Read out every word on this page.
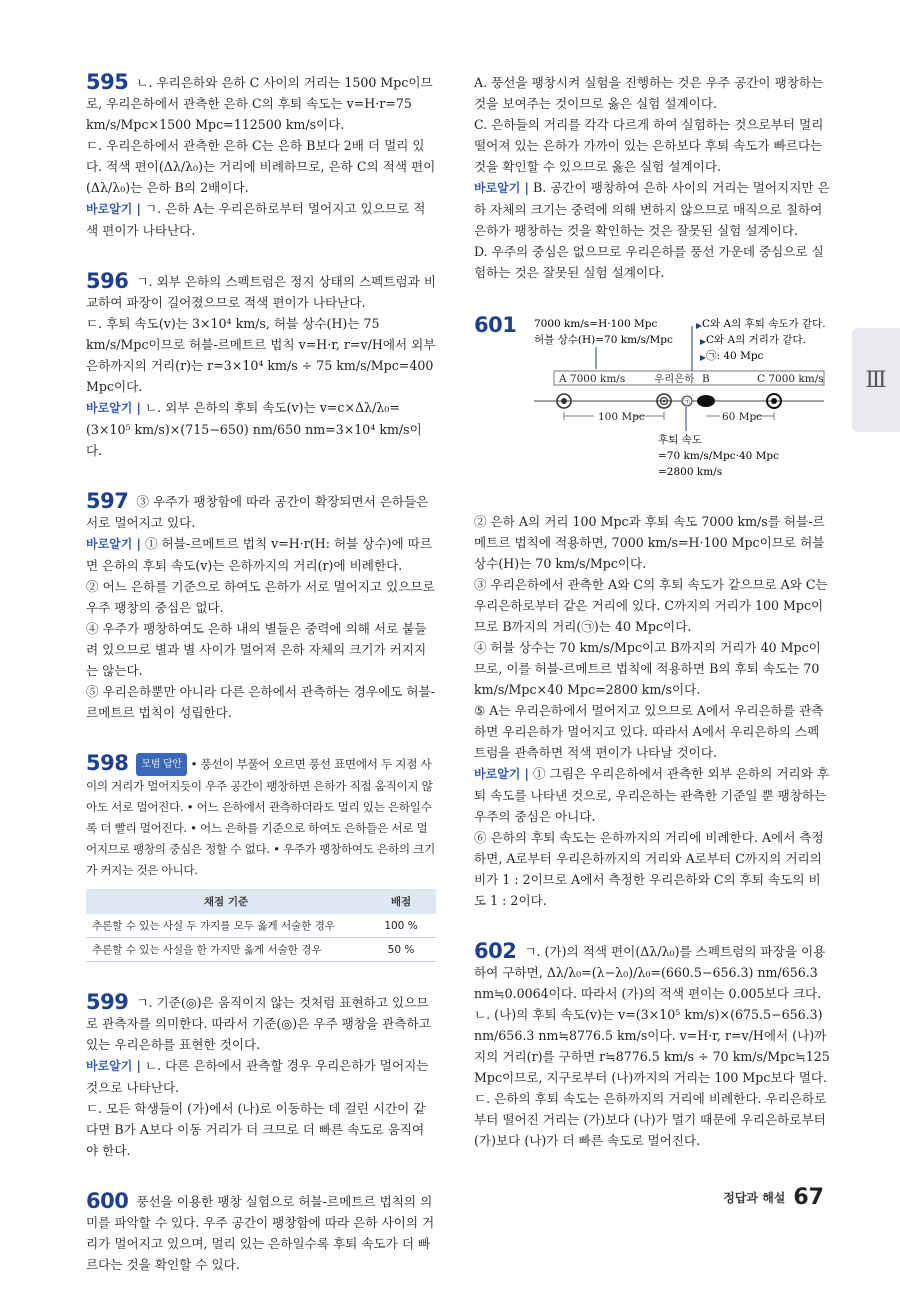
595 ㄴ. 우리은하와 은하 C 사이의 거리는 1500 Mpc이므로, 우리은하에서 관측한 은하 C의 후퇴 속도는 v=H·r=75 km/s/Mpc×1500 Mpc=112500 km/s이다.

ㄷ. 우리은하에서 관측한 은하 C는 은하 B보다 2배 더 멀리 있다. 적색 편이(Δλ/λ₀)는 거리에 비례하므로, 은하 C의 적색 편이(Δλ/λ₀)는 은하 B의 2배이다.

바로알기 | ㄱ. 은하 A는 우리은하로부터 멀어지고 있으므로 적색 편이가 나타난다.

596 ㄱ. 외부 은하의 스펙트럼은 정지 상태의 스펙트럼과 비교하여 파장이 길어졌으므로 적색 편이가 나타난다.

ㄷ. 후퇴 속도(v)는 3×10⁴ km/s, 허블 상수(H)는 75 km/s/Mpc이므로 허블-르메트르 법칙 v=H·r, r=v/H에서 외부 은하까지의 거리(r)는 r=3×10⁴ km/s ÷ 75 km/s/Mpc=400 Mpc이다.

바로알기 | ㄴ. 외부 은하의 후퇴 속도(v)는 v=c×Δλ/λ₀=(3×10⁵ km/s)×(715−650) nm/650 nm=3×10⁴ km/s이다.

597 ③ 우주가 팽창함에 따라 공간이 확장되면서 은하들은 서로 멀어지고 있다.

바로알기 | ① 허블-르메트르 법칙 v=H·r(H: 허블 상수)에 따르면 은하의 후퇴 속도(v)는 은하까지의 거리(r)에 비례한다.

② 어느 은하를 기준으로 하여도 은하가 서로 멀어지고 있으므로 우주 팽창의 중심은 없다.

④ 우주가 팽창하여도 은하 내의 별들은 중력에 의해 서로 붙들려 있으므로 별과 별 사이가 멀어져 은하 자체의 크기가 커지지는 않는다.

⑤ 우리은하뿐만 아니라 다른 은하에서 관측하는 경우에도 허블-르메트르 법칙이 성립한다.

598 모범 답안 • 풍선이 부풀어 오르면 풍선 표면에서 두 지점 사이의 거리가 멀어지듯이 우주 공간이 팽창하면 은하가 직접 움직이지 않아도 서로 멀어진다. • 어느 은하에서 관측하더라도 멀리 있는 은하일수록 더 빨리 멀어진다. • 어느 은하를 기준으로 하여도 은하들은 서로 멀어지므로 팽창의 중심은 정할 수 없다. • 우주가 팽창하여도 은하의 크기가 커지는 것은 아니다.

채점 기준	배점
추론할 수 있는 사실 두 가지를 모두 옳게 서술한 경우	100 %
추론할 수 있는 사실을 한 가지만 옳게 서술한 경우	50 %

599 ㄱ. 기준(◎)은 움직이지 않는 것처럼 표현하고 있으므로 관측자를 의미한다. 따라서 기준(◎)은 우주 팽창을 관측하고 있는 우리은하를 표현한 것이다.

바로알기 | ㄴ. 다른 은하에서 관측할 경우 우리은하가 멀어지는 것으로 나타난다.

ㄷ. 모든 학생들이 (가)에서 (나)로 이동하는 데 걸린 시간이 같다면 B가 A보다 이동 거리가 더 크므로 더 빠른 속도로 움직여야 한다.

600 풍선을 이용한 팽창 실험으로 허블-르메트르 법칙의 의미를 파악할 수 있다. 우주 공간이 팽창함에 따라 은하 사이의 거리가 멀어지고 있으며, 멀리 있는 은하일수록 후퇴 속도가 더 빠르다는 것을 확인할 수 있다.

A. 풍선을 팽창시켜 실험을 진행하는 것은 우주 공간이 팽창하는 것을 보여주는 것이므로 옳은 실험 설계이다.

C. 은하들의 거리를 각각 다르게 하여 실험하는 것으로부터 멀리 떨어져 있는 은하가 가까이 있는 은하보다 후퇴 속도가 빠르다는 것을 확인할 수 있으므로 옳은 실험 설계이다.

바로알기 | B. 공간이 팽창하여 은하 사이의 거리는 멀어지지만 은하 자체의 크기는 중력에 의해 변하지 않으므로 매직으로 칠하여 은하가 팽창하는 것을 확인하는 것은 잘못된 실험 설계이다.

D. 우주의 중심은 없으므로 우리은하를 풍선 가운데 중심으로 실험하는 것은 잘못된 실험 설계이다.

601 7000 km/s=H·100 Mpc
허블 상수(H)=70 km/s/Mpc
C와 A의 후퇴 속도가 같다.
C와 A의 거리가 같다.
㉠: 40 Mpc
A 7000 km/s	우리은하 B	C 7000 km/s
㉠
100 Mpc	60 Mpc
후퇴 속도
=70 km/s/Mpc·40 Mpc
=2800 km/s

② 은하 A의 거리 100 Mpc과 후퇴 속도 7000 km/s를 허블-르메트르 법칙에 적용하면, 7000 km/s=H·100 Mpc이므로 허블 상수(H)는 70 km/s/Mpc이다.

③ 우리은하에서 관측한 A와 C의 후퇴 속도가 같으므로 A와 C는 우리은하로부터 같은 거리에 있다. C까지의 거리가 100 Mpc이므로 B까지의 거리(㉠)는 40 Mpc이다.

④ 허블 상수는 70 km/s/Mpc이고 B까지의 거리가 40 Mpc이므로, 이를 허블-르메트르 법칙에 적용하면 B의 후퇴 속도는 70 km/s/Mpc×40 Mpc=2800 km/s이다.

⑤ A는 우리은하에서 멀어지고 있으므로 A에서 우리은하를 관측하면 우리은하가 멀어지고 있다. 따라서 A에서 우리은하의 스펙트럼을 관측하면 적색 편이가 나타날 것이다.

바로알기 | ① 그림은 우리은하에서 관측한 외부 은하의 거리와 후퇴 속도를 나타낸 것으로, 우리은하는 관측한 기준일 뿐 팽창하는 우주의 중심은 아니다.

⑥ 은하의 후퇴 속도는 은하까지의 거리에 비례한다. A에서 측정하면, A로부터 우리은하까지의 거리와 A로부터 C까지의 거리의 비가 1 : 2이므로 A에서 측정한 우리은하와 C의 후퇴 속도의 비도 1 : 2이다.

602 ㄱ. (가)의 적색 편이(Δλ/λ₀)를 스펙트럼의 파장을 이용하여 구하면, Δλ/λ₀=(λ−λ₀)/λ₀=(660.5−656.3) nm/656.3 nm≒0.0064이다. 따라서 (가)의 적색 편이는 0.005보다 크다.

ㄴ. (나)의 후퇴 속도(v)는 v=(3×10⁵ km/s)×(675.5−656.3) nm/656.3 nm≒8776.5 km/s이다. v=H·r, r=v/H에서 (나)까지의 거리(r)를 구하면 r≒8776.5 km/s ÷ 70 km/s/Mpc≒125 Mpc이므로, 지구로부터 (나)까지의 거리는 100 Mpc보다 멀다.

ㄷ. 은하의 후퇴 속도는 은하까지의 거리에 비례한다. 우리은하로부터 떨어진 거리는 (가)보다 (나)가 멀기 때문에 우리은하로부터 (가)보다 (나)가 더 빠른 속도로 멀어진다.

Ⅲ
정답과 해설 67
